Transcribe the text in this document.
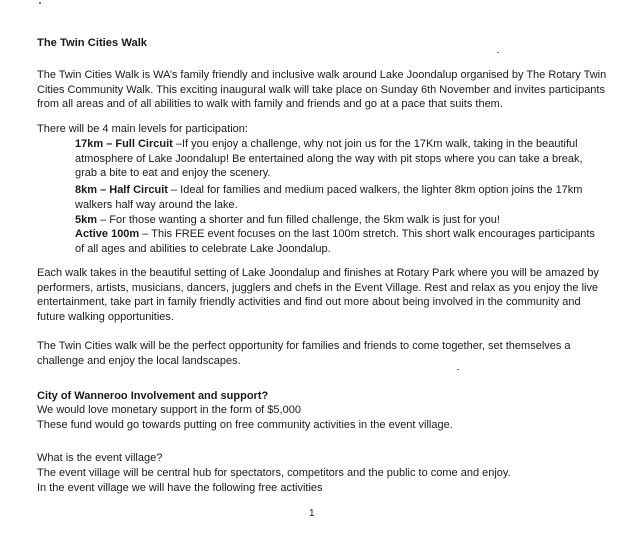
The Twin Cities Walk

The Twin Cities Walk is WA’s family friendly and inclusive walk around Lake Joondalup organised by The Rotary Twin Cities Community Walk. This exciting inaugural walk will take place on Sunday 6th November and invites participants from all areas and of all abilities to walk with family and friends and go at a pace that suits them.

There will be 4 main levels for participation:

17km – Full Circuit –If you enjoy a challenge, why not join us for the 17Km walk, taking in the beautiful atmosphere of Lake Joondalup! Be entertained along the way with pit stops where you can take a break, grab a bite to eat and enjoy the scenery.

8km – Half Circuit – Ideal for families and medium paced walkers, the lighter 8km option joins the 17km walkers half way around the lake.

5km – For those wanting a shorter and fun filled challenge, the 5km walk is just for you!

Active 100m – This FREE event focuses on the last 100m stretch. This short walk encourages participants of all ages and abilities to celebrate Lake Joondalup.

Each walk takes in the beautiful setting of Lake Joondalup and finishes at Rotary Park where you will be amazed by performers, artists, musicians, dancers, jugglers and chefs in the Event Village. Rest and relax as you enjoy the live entertainment, take part in family friendly activities and find out more about being involved in the community and future walking opportunities.

The Twin Cities walk will be the perfect opportunity for families and friends to come together, set themselves a challenge and enjoy the local landscapes.

City of Wanneroo Involvement and support?
We would love monetary support in the form of $5,000
These fund would go towards putting on free community activities in the event village.
What is the event village?
The event village will be central hub for spectators, competitors and the public to come and enjoy.
In the event village we will have the following free activities
1
